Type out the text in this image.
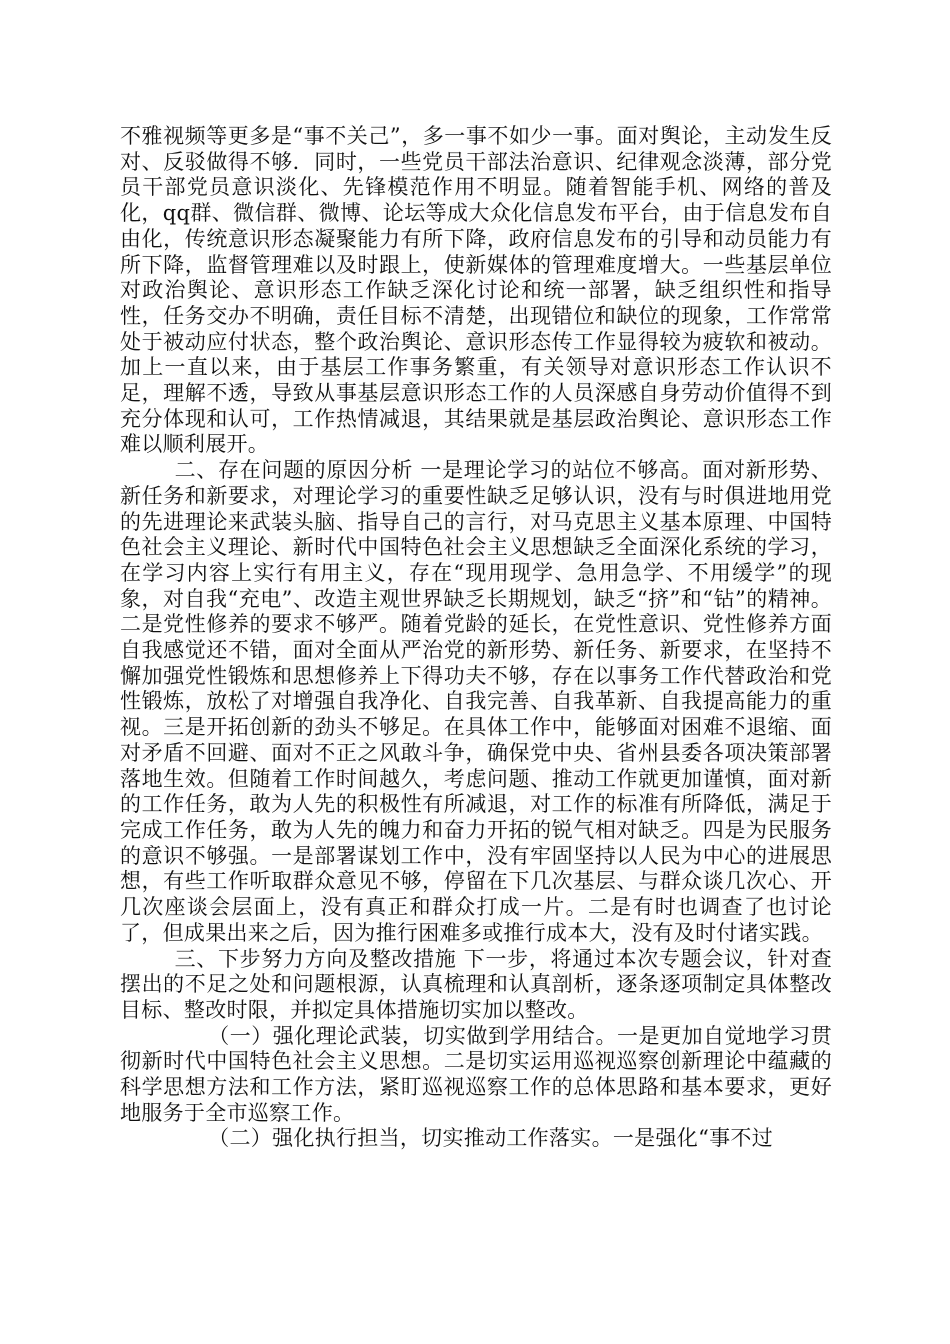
不雅视频等更多是“事不关己”，多一事不如少一事。面对舆论，主动发生反对、反驳做得不够．同时，一些党员干部法治意识、纪律观念淡薄，部分党员干部党员意识淡化、先锋模范作用不明显。随着智能手机、网络的普及化，qq群、微信群、微博、论坛等成大众化信息发布平台，由于信息发布自由化，传统意识形态凝聚能力有所下降，政府信息发布的引导和动员能力有所下降，监督管理难以及时跟上，使新媒体的管理难度增大。一些基层单位对政治舆论、意识形态工作缺乏深化讨论和统一部署，缺乏组织性和指导性，任务交办不明确，责任目标不清楚，出现错位和缺位的现象，工作常常处于被动应付状态，整个政治舆论、意识形态传工作显得较为疲软和被动。加上一直以来，由于基层工作事务繁重，有关领导对意识形态工作认识不足，理解不透，导致从事基层意识形态工作的人员深感自身劳动价值得不到充分体现和认可，工作热情减退，其结果就是基层政治舆论、意识形态工作难以顺利展开。

二、存在问题的原因分析 一是理论学习的站位不够高。面对新形势、新任务和新要求，对理论学习的重要性缺乏足够认识，没有与时俱进地用党的先进理论来武装头脑、指导自己的言行，对马克思主义基本原理、中国特色社会主义理论、新时代中国特色社会主义思想缺乏全面深化系统的学习，在学习内容上实行有用主义，存在“现用现学、急用急学、不用缓学”的现象，对自我“充电”、改造主观世界缺乏长期规划，缺乏“挤”和“钻”的精神。二是党性修养的要求不够严。随着党龄的延长，在党性意识、党性修养方面自我感觉还不错，面对全面从严治党的新形势、新任务、新要求，在坚持不懈加强党性锻炼和思想修养上下得功夫不够，存在以事务工作代替政治和党性锻炼，放松了对增强自我净化、自我完善、自我革新、自我提高能力的重视。三是开拓创新的劲头不够足。在具体工作中，能够面对困难不退缩、面对矛盾不回避、面对不正之风敢斗争，确保党中央、省州县委各项决策部署落地生效。但随着工作时间越久，考虑问题、推动工作就更加谨慎，面对新的工作任务，敢为人先的积极性有所减退，对工作的标准有所降低，满足于完成工作任务，敢为人先的魄力和奋力开拓的锐气相对缺乏。四是为民服务的意识不够强。一是部署谋划工作中，没有牢固坚持以人民为中心的进展思想，有些工作听取群众意见不够，停留在下几次基层、与群众谈几次心、开几次座谈会层面上，没有真正和群众打成一片。二是有时也调查了也讨论了，但成果出来之后，因为推行困难多或推行成本大，没有及时付诸实践。

三、下步努力方向及整改措施 下一步，将通过本次专题会议，针对查摆出的不足之处和问题根源，认真梳理和认真剖析，逐条逐项制定具体整改目标、整改时限，并拟定具体措施切实加以整改。

（一）强化理论武装，切实做到学用结合。一是更加自觉地学习贯彻新时代中国特色社会主义思想。二是切实运用巡视巡察创新理论中蕴藏的科学思想方法和工作方法，紧盯巡视巡察工作的总体思路和基本要求，更好地服务于全市巡察工作。

（二）强化执行担当，切实推动工作落实。一是强化“事不过
